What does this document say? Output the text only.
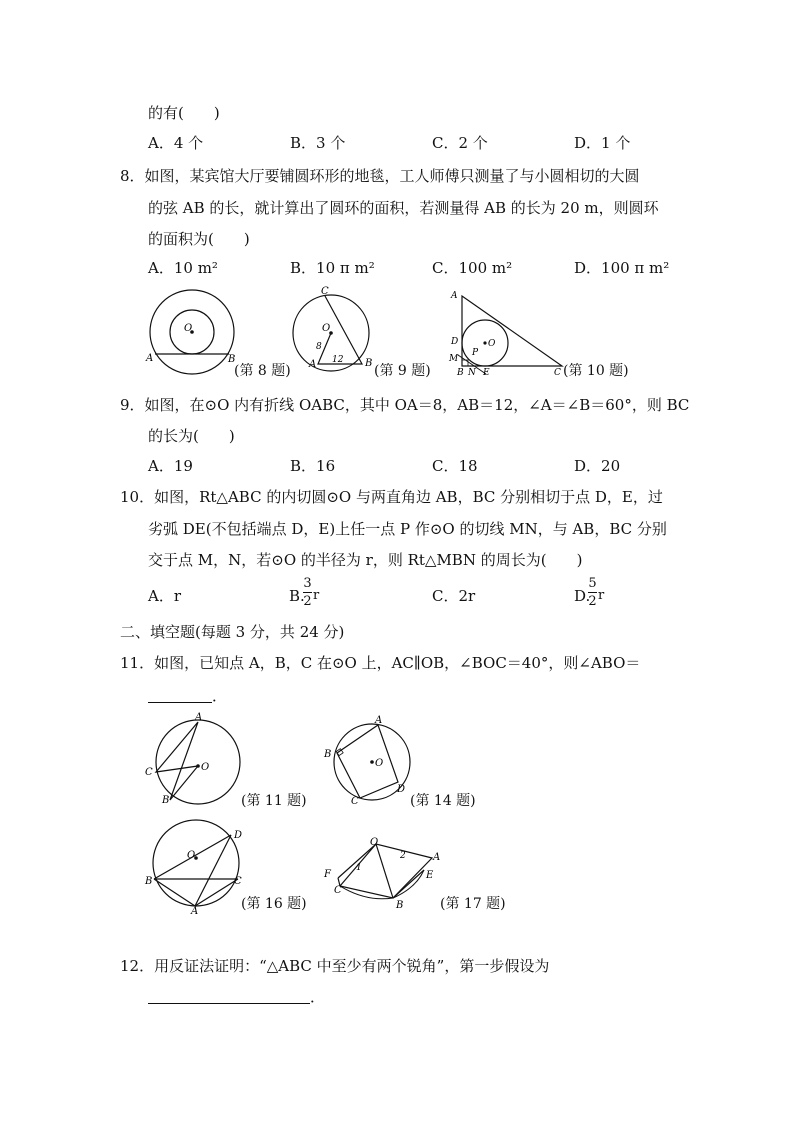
的有(　　)
A．4 个	B．3 个	C．2 个	D．1 个
8．如图，某宾馆大厅要铺圆环形的地毯，工人师傅只测量了与小圆相切的大圆
的弦 AB 的长，就计算出了圆环的面积，若测量得 AB 的长为 20 m，则圆环
的面积为(　　)
A．10 m²	B．10 π m²	C．100 m²	D．100 π m²
O
A	B
(第 8 题)
C
O
A	B
8
12
(第 9 题)
A
D
M
P
O
B N E	C (第 10 题)
9．如图，在⊙O 内有折线 OABC，其中 OA＝8，AB＝12，∠A＝∠B＝60°，则 BC
的长为(　　)
A．19	B．16	C．18	D．20
10．如图，Rt△ABC 的内切圆⊙O 与两直角边 AB，BC 分别相切于点 D，E，过
劣弧 DE(不包括端点 D，E)上任一点 P 作⊙O 的切线 MN，与 AB，BC 分别
交于点 M，N，若⊙O 的半径为 r，则 Rt△MBN 的周长为(　　)
A．r	B.
3
2 r	C．2r	D.
5
2 r
二、填空题(每题 3 分，共 24 分)
11．如图，已知点 A，B，C 在⊙O 上，AC∥OB，∠BOC＝40°，则∠ABO＝
．
A
C	O
B	(第 11 题)
A
B
O
C
D
(第 14 题)
D
O
B	C
A	(第 16 题)
O
A
F	E
C
B
1
2
(第 17 题)
12．用反证法证明：“△ABC 中至少有两个锐角”，第一步假设为
．
